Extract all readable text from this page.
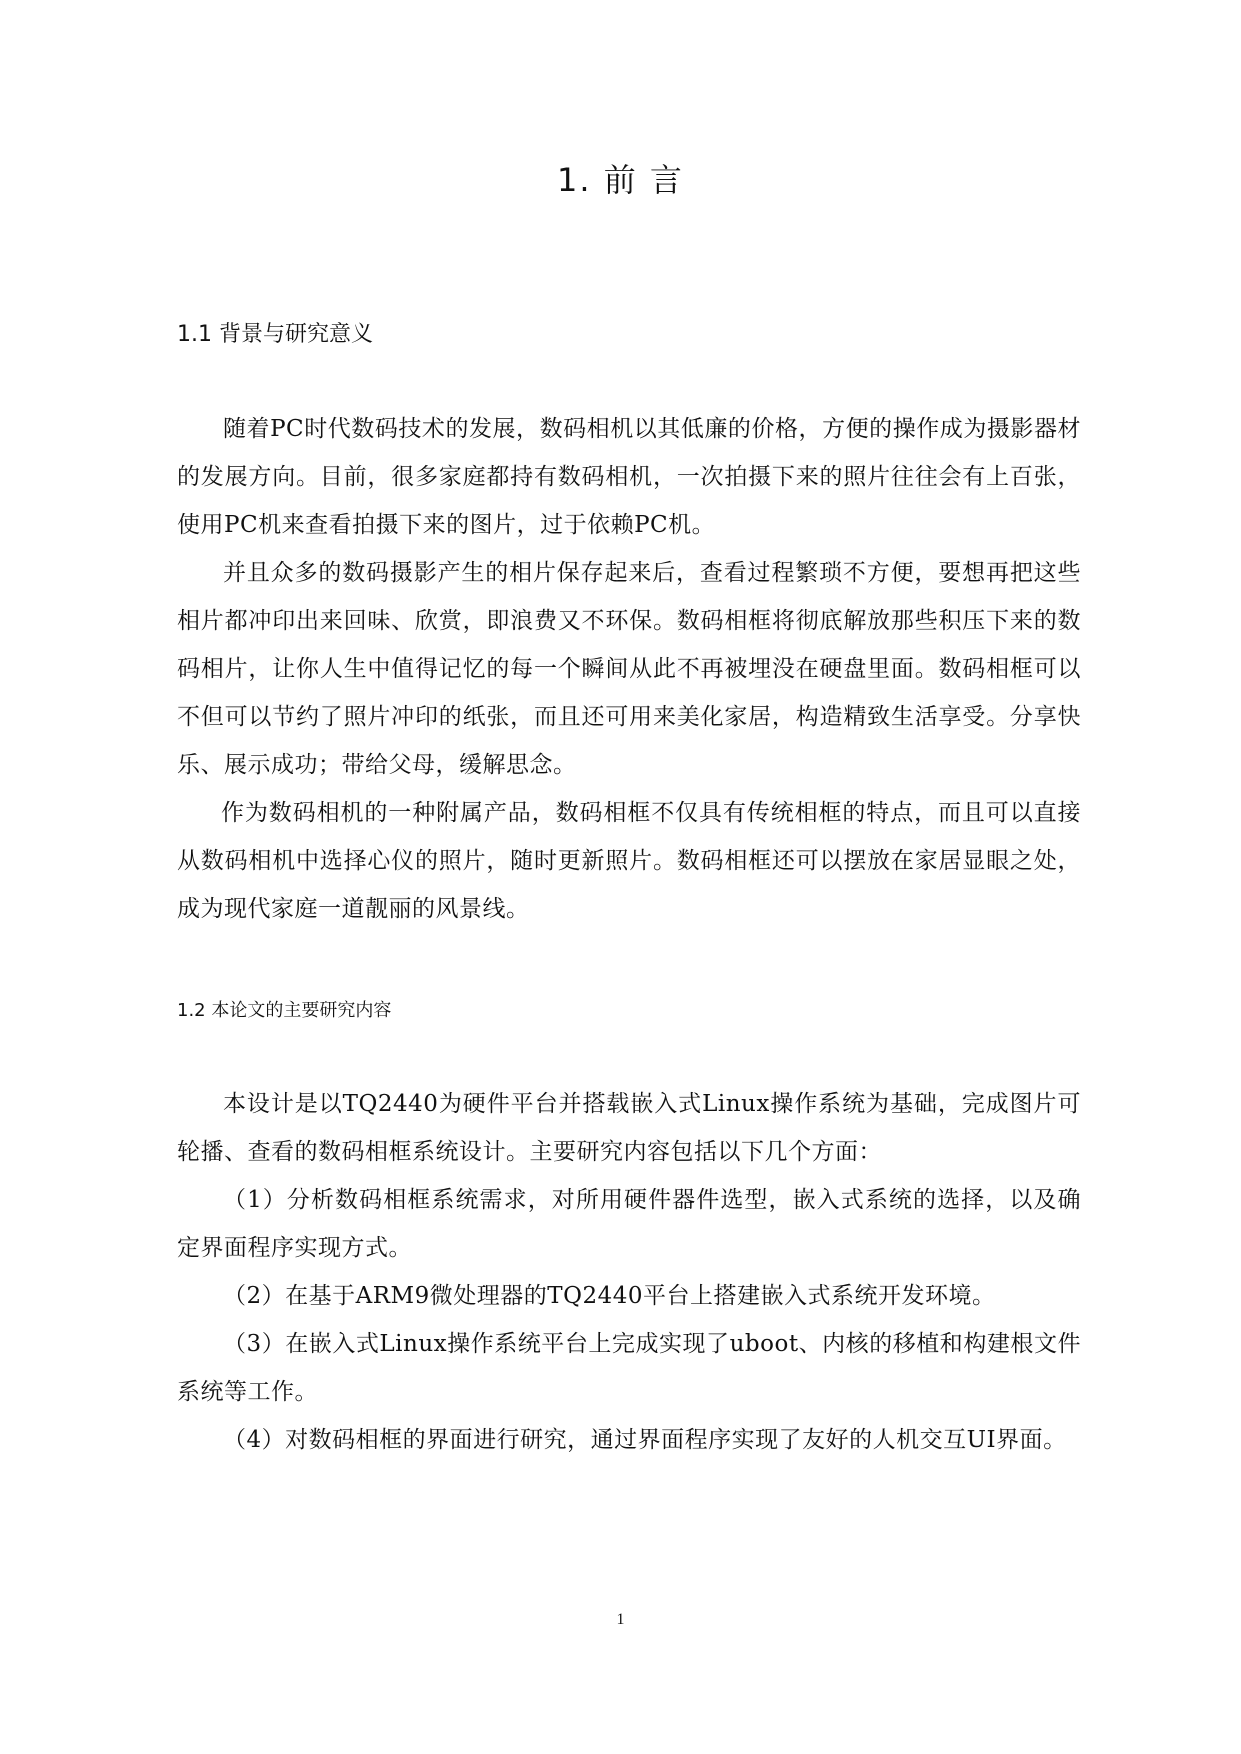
1. 前 言
1.1 背景与研究意义

随着PC时代数码技术的发展，数码相机以其低廉的价格，方便的操作成为摄影器材的发展方向。目前，很多家庭都持有数码相机，一次拍摄下来的照片往往会有上百张，使用PC机来查看拍摄下来的图片，过于依赖PC机。

并且众多的数码摄影产生的相片保存起来后，查看过程繁琐不方便，要想再把这些相片都冲印出来回味、欣赏，即浪费又不环保。数码相框将彻底解放那些积压下来的数码相片，让你人生中值得记忆的每一个瞬间从此不再被埋没在硬盘里面。数码相框可以不但可以节约了照片冲印的纸张，而且还可用来美化家居，构造精致生活享受。分享快乐、展示成功；带给父母，缓解思念。

作为数码相机的一种附属产品，数码相框不仅具有传统相框的特点，而且可以直接从数码相机中选择心仪的照片，随时更新照片。数码相框还可以摆放在家居显眼之处，成为现代家庭一道靓丽的风景线。

1.2 本论文的主要研究内容

本设计是以TQ2440为硬件平台并搭载嵌入式Linux操作系统为基础，完成图片可轮播、查看的数码相框系统设计。主要研究内容包括以下几个方面：

（1）分析数码相框系统需求，对所用硬件器件选型，嵌入式系统的选择，以及确定界面程序实现方式。

（2）在基于ARM9微处理器的TQ2440平台上搭建嵌入式系统开发环境。

（3）在嵌入式Linux操作系统平台上完成实现了uboot、内核的移植和构建根文件系统等工作。

（4）对数码相框的界面进行研究，通过界面程序实现了友好的人机交互UI界面。

1
